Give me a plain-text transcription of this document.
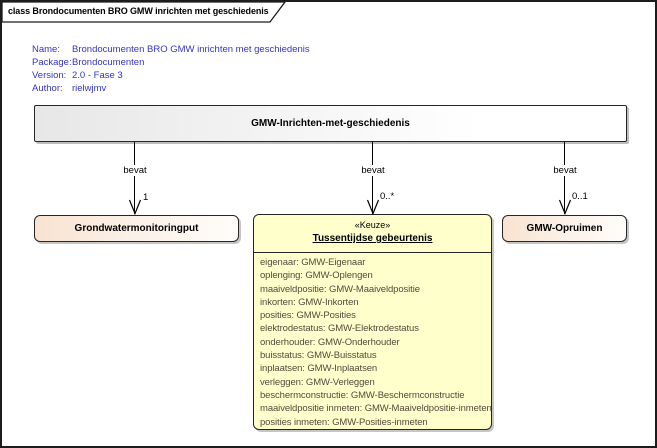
class Brondocumenten BRO GMW inrichten met geschiedenis
Name:	Brondocumenten BRO GMW inrichten met geschiedenis
Package: Brondocumenten
Version: 2.0 - Fase 3
Author: rielwjmv
GMW-Inrichten-met-geschiedenis
bevat
1
bevat
0..*
bevat
0..1
Grondwatermonitoringput	GMW-Opruimen
«Keuze»
Tussentijdse gebeurtenis
eigenaar: GMW-Eigenaar
oplenging: GMW-Oplengen
maaiveldpositie: GMW-Maaiveldpositie
inkorten: GMW-Inkorten
posities: GMW-Posities
elektrodestatus: GMW-Elektrodestatus
onderhouder: GMW-Onderhouder
buisstatus: GMW-Buisstatus
inplaatsen: GMW-Inplaatsen
verleggen: GMW-Verleggen
beschermconstructie: GMW-Beschermconstructie
maaiveldpositie inmeten: GMW-Maaiveldpositie-inmeten
posities inmeten: GMW-Posities-inmeten
